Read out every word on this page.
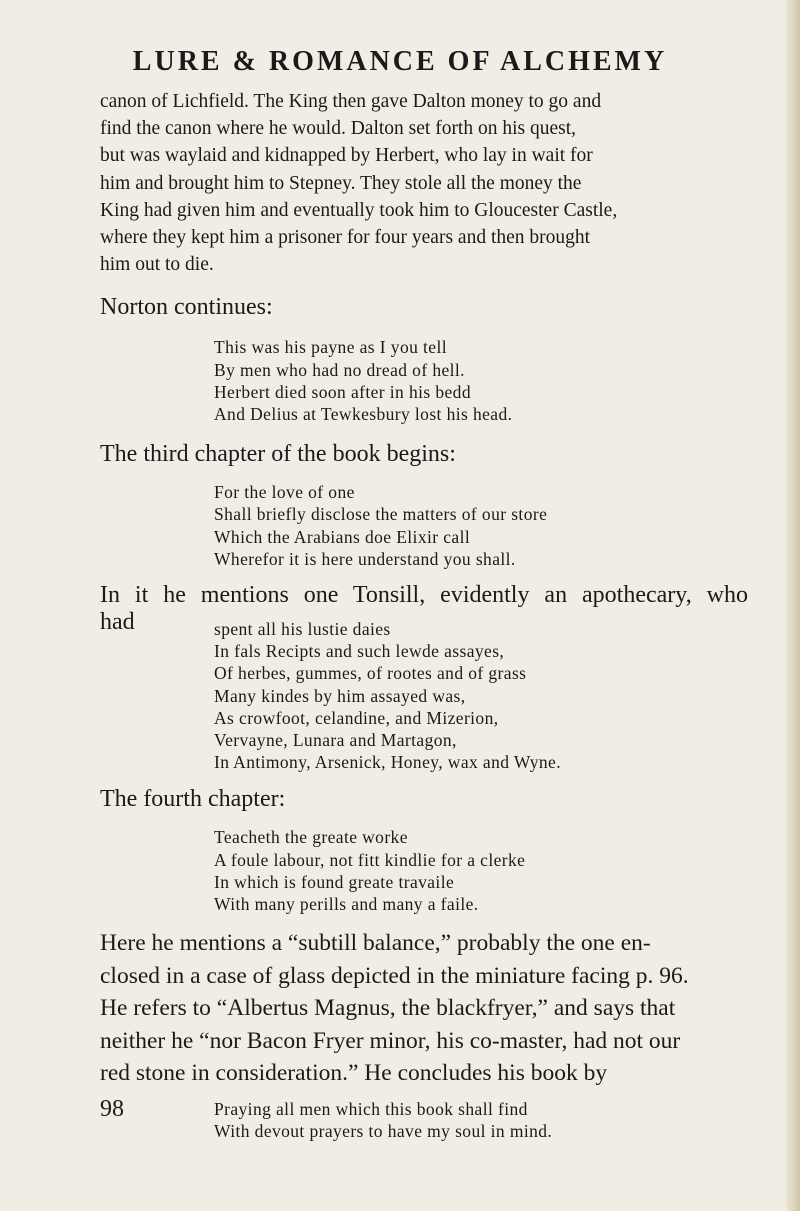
LURE & ROMANCE OF ALCHEMY
canon of Lichfield. The King then gave Dalton money to go and
find the canon where he would. Dalton set forth on his quest,
but was waylaid and kidnapped by Herbert, who lay in wait for
him and brought him to Stepney. They stole all the money the
King had given him and eventually took him to Gloucester Castle,
where they kept him a prisoner for four years and then brought
him out to die.
Norton continues:
This was his payne as I you tell
By men who had no dread of hell.
Herbert died soon after in his bedd
And Delius at Tewkesbury lost his head.
The third chapter of the book begins:
For the love of one
Shall briefly disclose the matters of our store
Which the Arabians doe Elixir call
Wherefor it is here understand you shall.
In it he mentions one Tonsill, evidently an apothecary, who
had	spent all his lustie daies
In fals Recipts and such lewde assayes,
Of herbes, gummes, of rootes and of grass
Many kindes by him assayed was,
As crowfoot, celandine, and Mizerion,
Vervayne, Lunara and Martagon,
In Antimony, Arsenick, Honey, wax and Wyne.
The fourth chapter:
Teacheth the greate worke
A foule labour, not fitt kindlie for a clerke
In which is found greate travaile
With many perills and many a faile.
Here he mentions a “subtill balance,” probably the one en-
closed in a case of glass depicted in the miniature facing p. 96.
He refers to “Albertus Magnus, the blackfryer,” and says that
neither he “nor Bacon Fryer minor, his co-master, had not our
red stone in consideration.” He concludes his book by
Praying all men which this book shall find
With devout prayers to have my soul in mind.
98
